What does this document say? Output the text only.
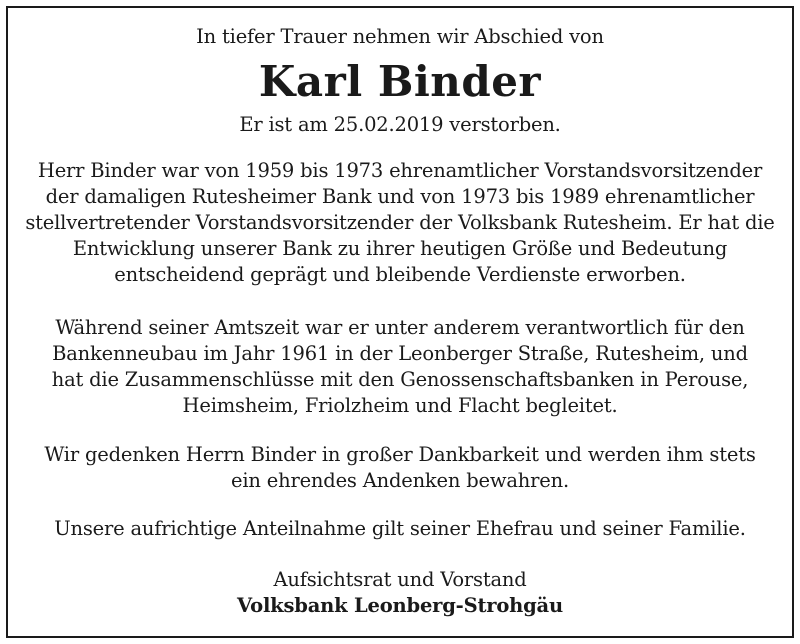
In tiefer Trauer nehmen wir Abschied von
Karl Binder
Er ist am 25.02.2019 verstorben.
Herr Binder war von 1959 bis 1973 ehrenamtlicher Vorstandsvorsitzender
der damaligen Rutesheimer Bank und von 1973 bis 1989 ehrenamtlicher
stellvertretender Vorstandsvorsitzender der Volksbank Rutesheim. Er hat die
Entwicklung unserer Bank zu ihrer heutigen Größe und Bedeutung
entscheidend geprägt und bleibende Verdienste erworben.
Während seiner Amtszeit war er unter anderem verantwortlich für den
Bankenneubau im Jahr 1961 in der Leonberger Straße, Rutesheim, und
hat die Zusammenschlüsse mit den Genossenschaftsbanken in Perouse,
Heimsheim, Friolzheim und Flacht begleitet.
Wir gedenken Herrn Binder in großer Dankbarkeit und werden ihm stets
ein ehrendes Andenken bewahren.
Unsere aufrichtige Anteilnahme gilt seiner Ehefrau und seiner Familie.
Aufsichtsrat und Vorstand
Volksbank Leonberg-Strohgäu
